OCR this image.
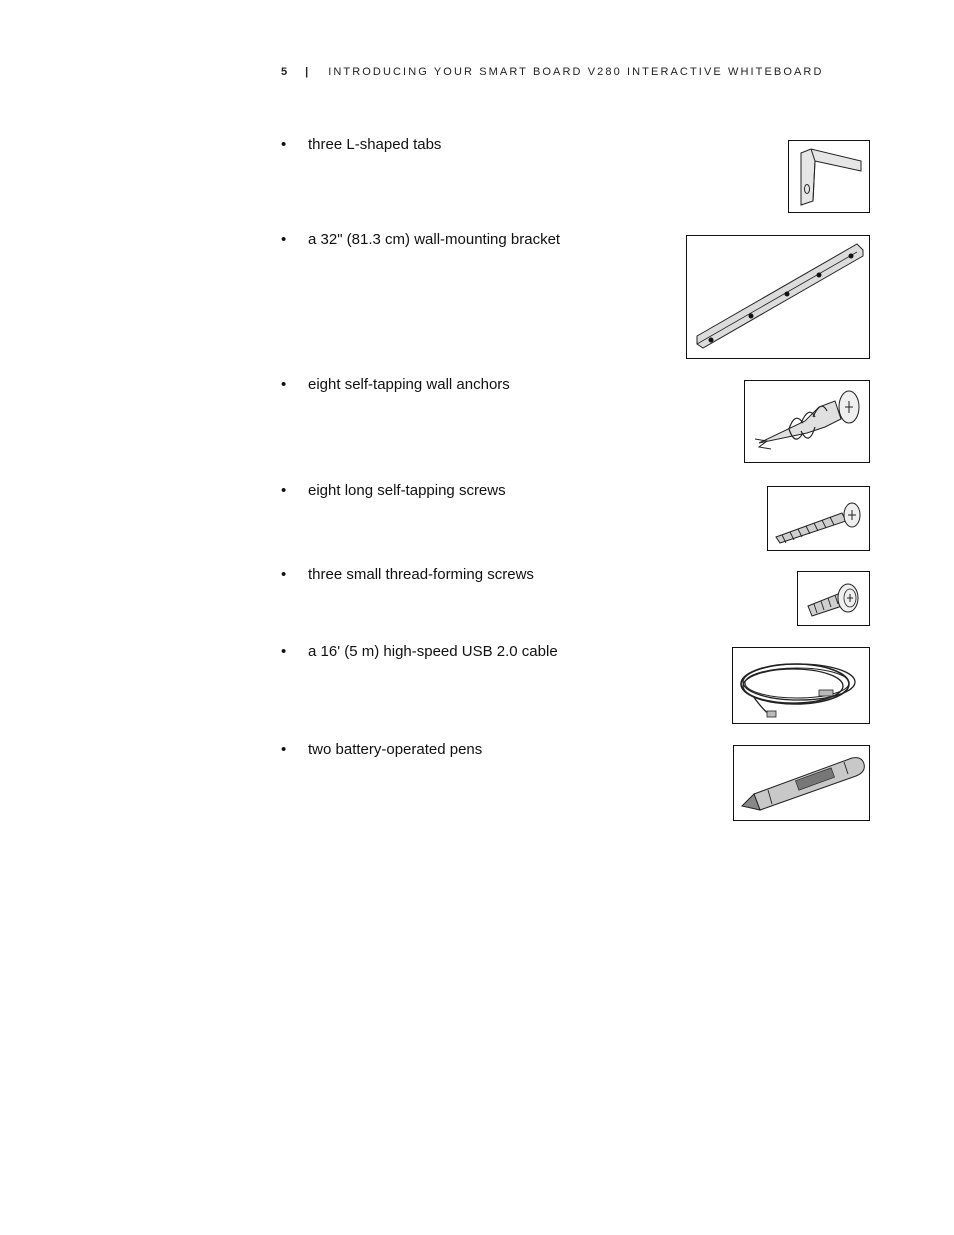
5 | INTRODUCING YOUR SMART BOARD V280 INTERACTIVE WHITEBOARD
• three L-shaped tabs
• a 32" (81.3 cm) wall-mounting bracket
• eight self-tapping wall anchors
• eight long self-tapping screws
• three small thread-forming screws
• a 16' (5 m) high-speed USB 2.0 cable
• two battery-operated pens
